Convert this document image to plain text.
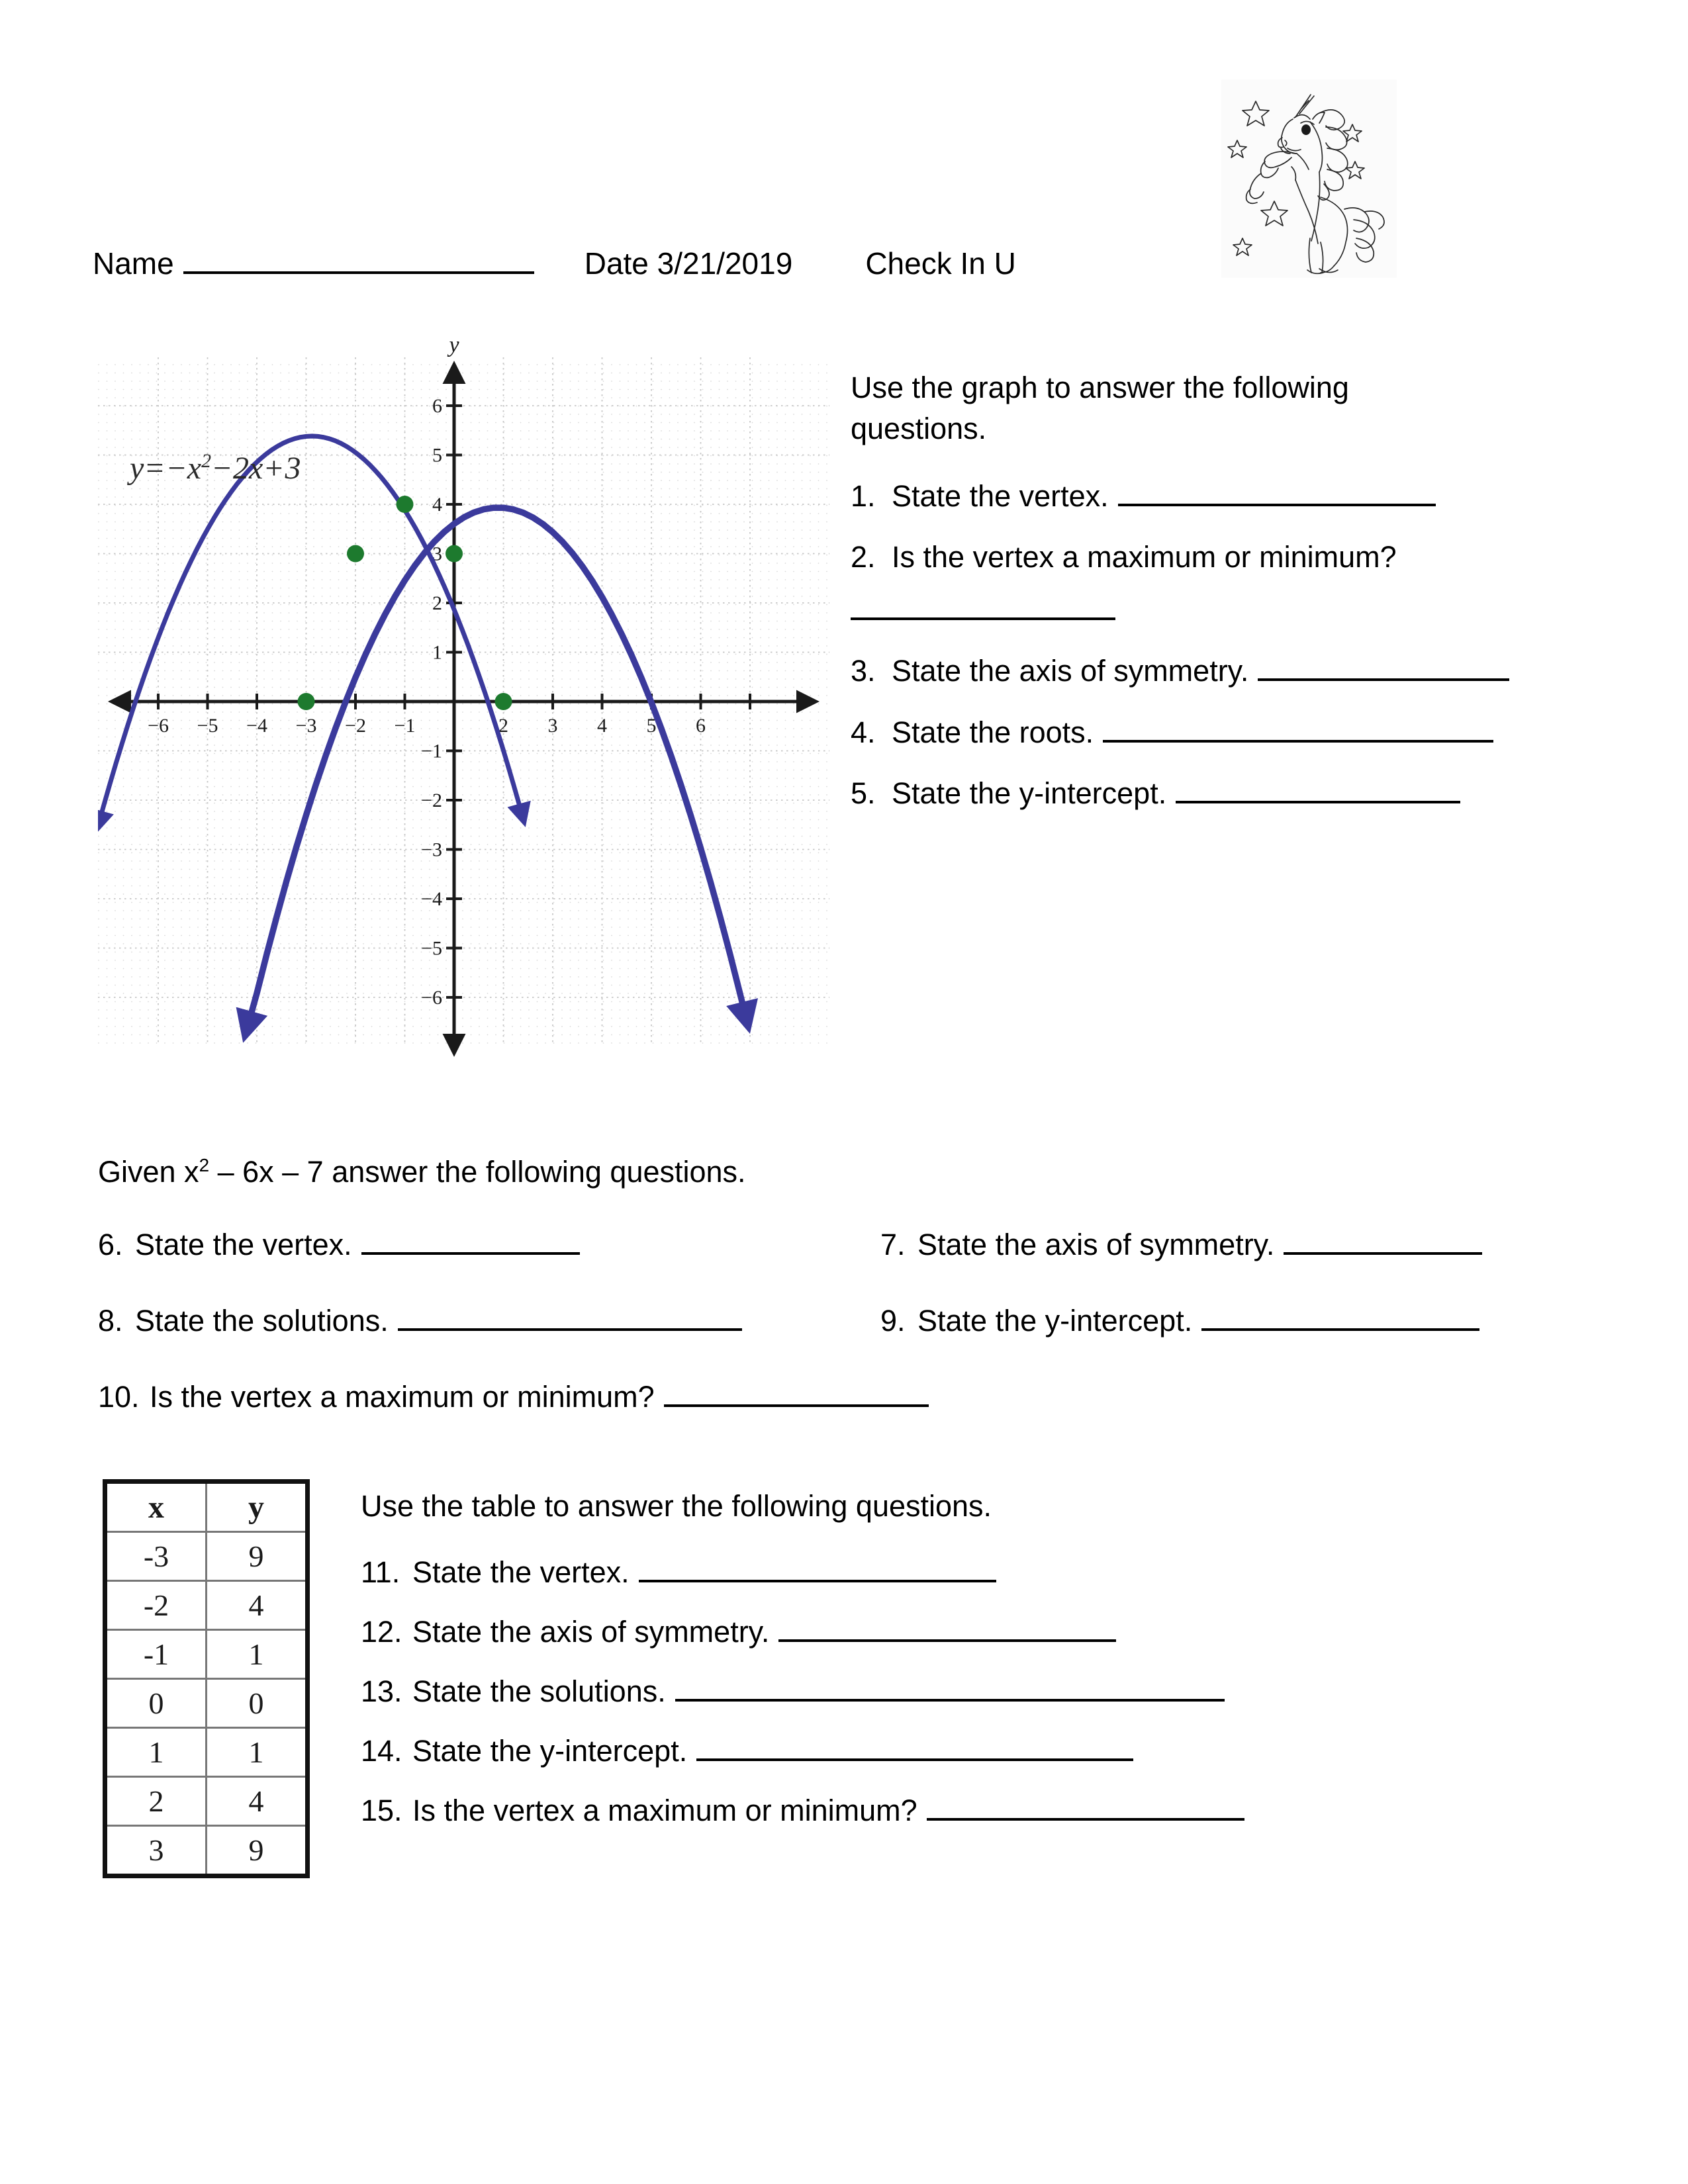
Name	Date 3/21/2019 Check In U
−6 −5 −4 −3 −2 −1	2 3 4 5 6

6
5
4
3
2
1
−1
−2
−3
−4
−5
−6
y
$y=-x^2-2x+3$
Use the graph to answer the following questions.
1. State the vertex.
2. Is the vertex a maximum or minimum?
3. State the axis of symmetry.
4. State the roots.
5. State the y-intercept.
Given $x^2 - 6x - 7$ answer the following questions.
6. State the vertex.	7. State the axis of symmetry.
8. State the solutions.	9. State the y-intercept.
10. Is the vertex a maximum or minimum?
x	y
-3	9
-2	4
-1	1
0	0
1	1
2	4
3	9
Use the table to answer the following questions.
11. State the vertex.
12. State the axis of symmetry.
13. State the solutions.
14. State the y-intercept.
15. Is the vertex a maximum or minimum?
